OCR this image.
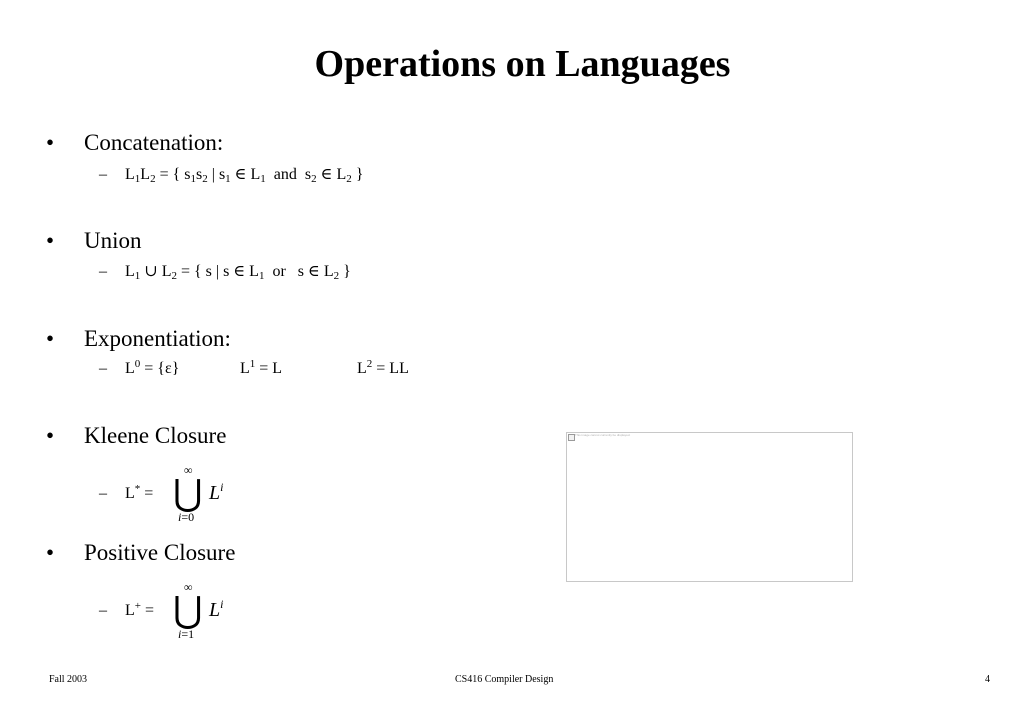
Operations on Languages
• Concatenation:
– $L_1L_2$ = { $s_1s_2$ | $s_1$ ∈ $L_1$  and  $s_2$ ∈ $L_2$ }
• Union
– $L_1$ ∪ $L_2$ = { s | s ∈ $L_1$  or   s ∈ $L_2$ }
• Exponentiation:
– $L^0 = \{\varepsilon\}$	$L^1 = L$	$L^2$ = LL
• Kleene Closure
– L* =
∞
⋃
i=0
$L^i$
• Positive Closure
– L+ =
∞
⋃
i=1
$L^i$
This image cannot currently be displayed.
Fall 2003	CS416 Compiler Design	4
